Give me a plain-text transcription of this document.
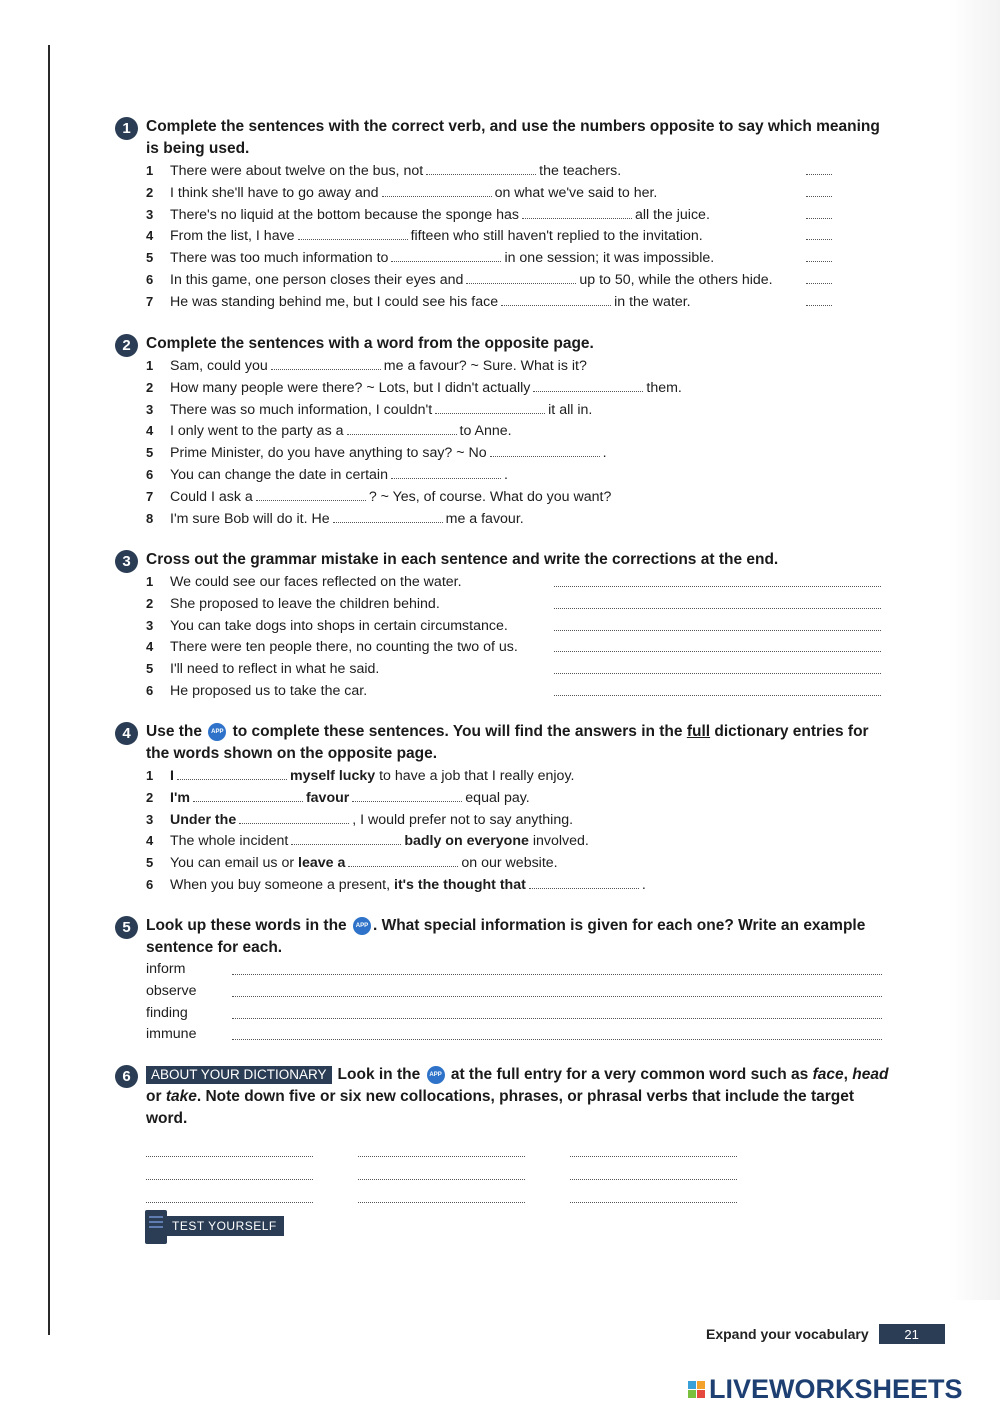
1 Complete the sentences with the correct verb, and use the numbers opposite to say which meaning is being used.
1 There were about twelve on the bus, not	the teachers.
2 I think she'll have to go away and	on what we've said to her.
3 There's no liquid at the bottom because the sponge has	all the juice.
4 From the list, I have	fifteen who still haven't replied to the invitation.
5 There was too much information to	in one session; it was impossible.
6 In this game, one person closes their eyes and	up to 50, while the others hide.
7 He was standing behind me, but I could see his face	in the water.
2 Complete the sentences with a word from the opposite page.
1 Sam, could you	me a favour? ~ Sure. What is it?
2 How many people were there? ~ Lots, but I didn't actually	them.
3 There was so much information, I couldn't	it all in.
4 I only went to the party as a	to Anne.
5 Prime Minister, do you have anything to say? ~ No	.
6 You can change the date in certain	.
7 Could I ask a	? ~ Yes, of course. What do you want?
8 I'm sure Bob will do it. He	me a favour.
3 Cross out the grammar mistake in each sentence and write the corrections at the end.
1 We could see our faces reflected on the water.
2 She proposed to leave the children behind.
3 You can take dogs into shops in certain circumstance.
4 There were ten people there, no counting the two of us.
5 I'll need to reflect in what he said.
6 He proposed us to take the car.
4 Use the APP to complete these sentences. You will find the answers in the full dictionary entries for the words shown on the opposite page.
1 I	myself lucky to have a job that I really enjoy.
2 I'm	favour	equal pay.
3 Under the	, I would prefer not to say anything.
4 The whole incident	badly on everyone involved.
5 You can email us or leave a	on our website.
6 When you buy someone a present, it's the thought that	.
5 Look up these words in the APP . What special information is given for each one? Write an example sentence for each.
inform
observe
finding
immune
6	ABOUT YOUR DICTIONARY Look in the APP at the full entry for a very common word such as face, head or take. Note down five or six new collocations, phrases, or phrasal verbs that include the target word.
TEST YOURSELF
Expand your vocabulary	21
LIVEWORKSHEETS
